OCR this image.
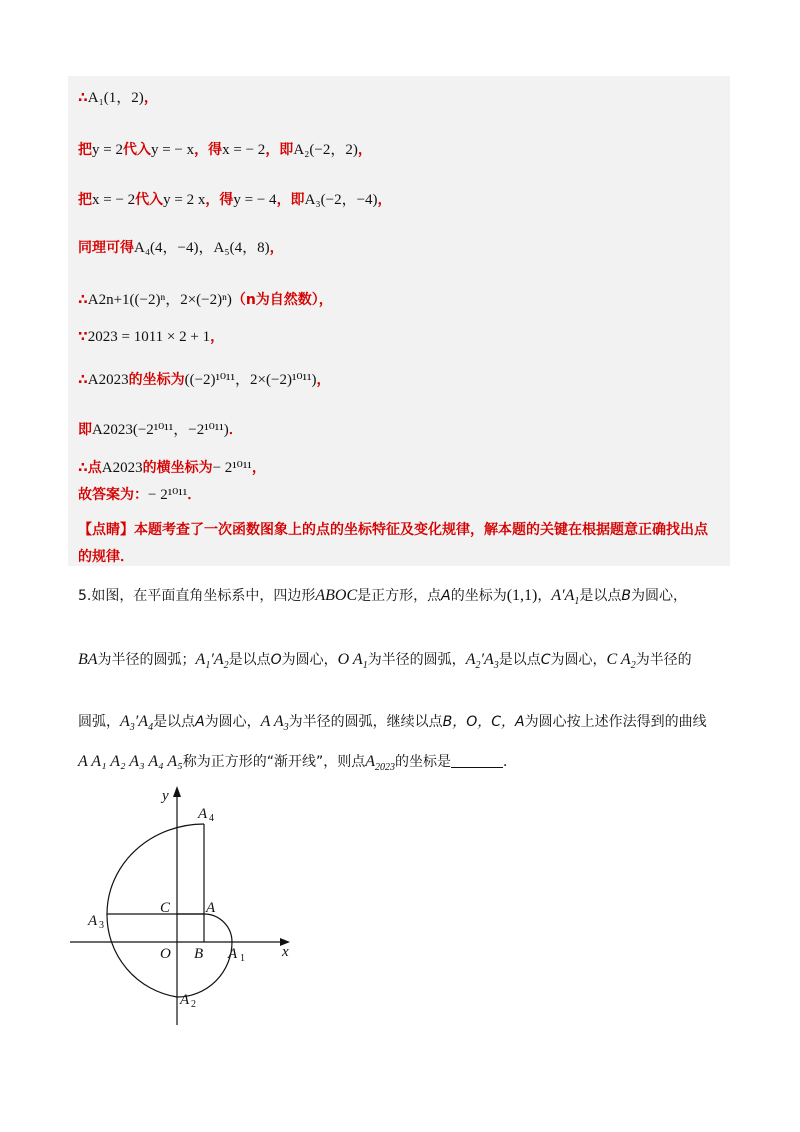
∴A₁(1，2)，
把y = 2代入y = − x，得x = − 2，即A₂(−2，2)，
把x = − 2代入y = 2 x，得y = − 4，即A₃(−2，−4)，
同理可得A₄(4，−4)，A₅(4，8)，
∴A2n+1((−2)ⁿ，2×(−2)ⁿ)（n为自然数），
∵2023 = 1011 × 2 + 1，
∴A2023的坐标为((−2)¹⁰¹¹，2×(−2)¹⁰¹¹)，
即A2023(−2¹⁰¹¹，−2¹⁰¹¹)．
∴点A2023的横坐标为− 2¹⁰¹¹，
故答案为：− 2¹⁰¹¹．
【点睛】本题考查了一次函数图象上的点的坐标特征及变化规律，解本题的关键在根据题意正确找出点
的规律．
5.如图，在平面直角坐标系中，四边形ABOC是正方形，点A的坐标为(1,1)，$A'A_1$是以点B为圆心，
BA为半径的圆弧；$A_1'A_2$是以点O为圆心，O $A_1$为半径的圆弧，$A_2'A_3$是以点C为圆心，C $A_2$为半径的
圆弧，$A_3'A_4$是以点A为圆心，A $A_3$为半径的圆弧，继续以点B，O，C，A为圆心按上述作法得到的曲线
A A₁ A₂ A₃ A₄ A₅称为正方形的“渐开线”，则点$A_{2023}$的坐标是	．
y
x
O B
C A
A 1
A 2
A 3
A 4
